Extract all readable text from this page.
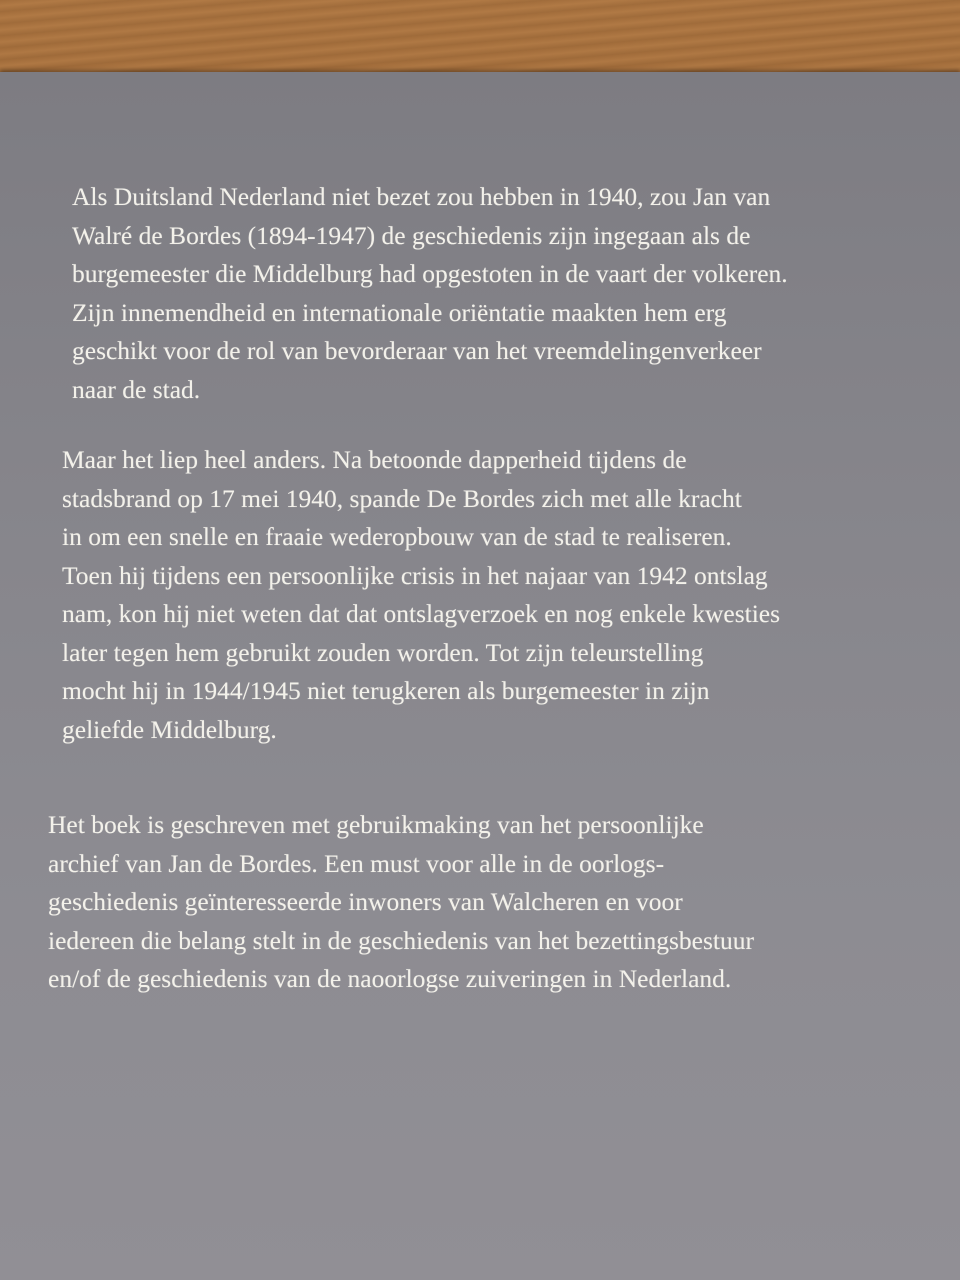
Als Duitsland Nederland niet bezet zou hebben in 1940, zou Jan van
Walré de Bordes (1894-1947) de geschiedenis zijn ingegaan als de
burgemeester die Middelburg had opgestoten in de vaart der volkeren.
Zijn innemendheid en internationale oriëntatie maakten hem erg
geschikt voor de rol van bevorderaar van het vreemdelingenverkeer
naar de stad.
Maar het liep heel anders. Na betoonde dapperheid tijdens de
stadsbrand op 17 mei 1940, spande De Bordes zich met alle kracht
in om een snelle en fraaie wederopbouw van de stad te realiseren.
Toen hij tijdens een persoonlijke crisis in het najaar van 1942 ontslag
nam, kon hij niet weten dat dat ontslagverzoek en nog enkele kwesties
later tegen hem gebruikt zouden worden. Tot zijn teleurstelling
mocht hij in 1944/1945 niet terugkeren als burgemeester in zijn
geliefde Middelburg.
Het boek is geschreven met gebruikmaking van het persoonlijke
archief van Jan de Bordes. Een must voor alle in de oorlogs-
geschiedenis geïnteresseerde inwoners van Walcheren en voor
iedereen die belang stelt in de geschiedenis van het bezettingsbestuur
en/of de geschiedenis van de naoorlogse zuiveringen in Nederland.
